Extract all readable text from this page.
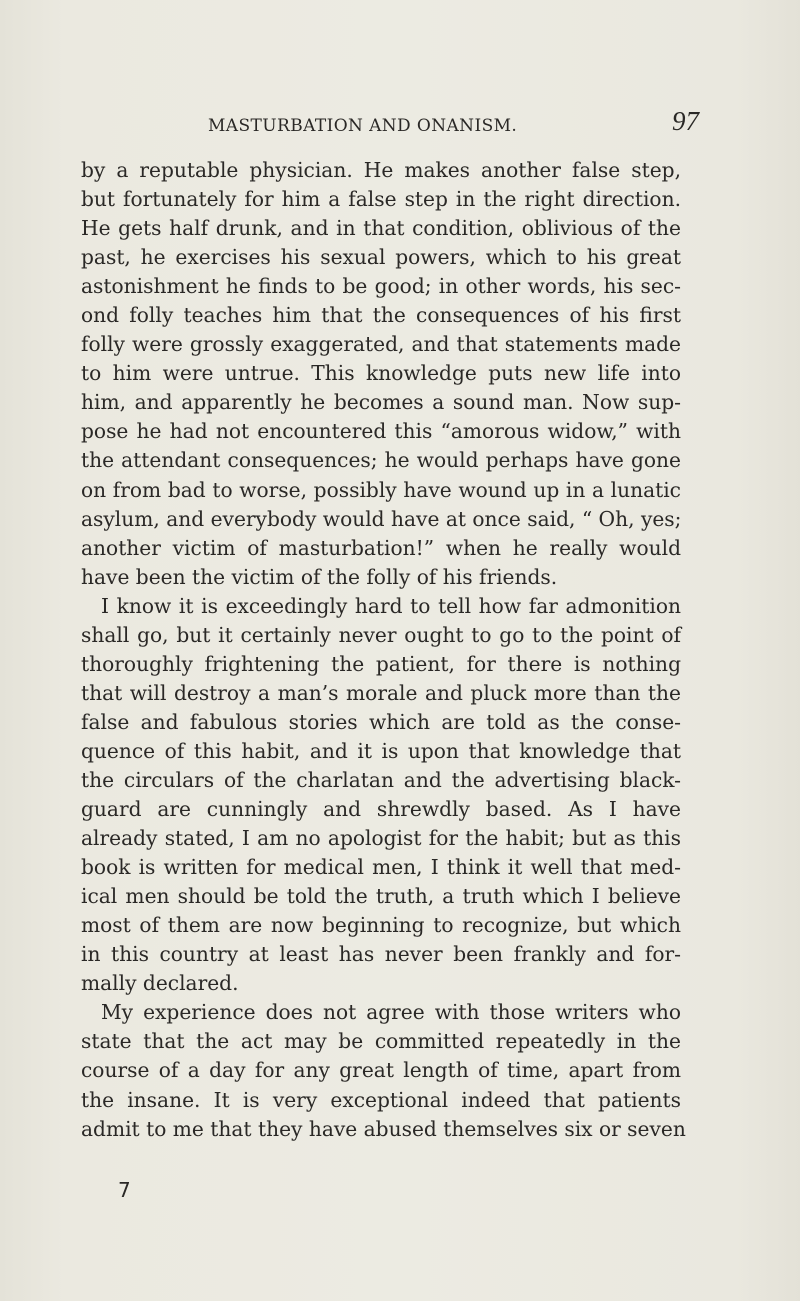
MASTURBATION AND ONANISM.	97
by a reputable physician. He makes another false step,
but fortunately for him a false step in the right direction.
He gets half drunk, and in that condition, oblivious of the
past, he exercises his sexual powers, which to his great
astonishment he finds to be good; in other words, his sec-
ond folly teaches him that the consequences of his first
folly were grossly exaggerated, and that statements made
to him were untrue. This knowledge puts new life into
him, and apparently he becomes a sound man. Now sup-
pose he had not encountered this “amorous widow,” with
the attendant consequences; he would perhaps have gone
on from bad to worse, possibly have wound up in a lunatic
asylum, and everybody would have at once said, “ Oh, yes;
another victim of masturbation!” when he really would
have been the victim of the folly of his friends.
I know it is exceedingly hard to tell how far admonition
shall go, but it certainly never ought to go to the point of
thoroughly frightening the patient, for there is nothing
that will destroy a man’s morale and pluck more than the
false and fabulous stories which are told as the conse-
quence of this habit, and it is upon that knowledge that
the circulars of the charlatan and the advertising black-
guard are cunningly and shrewdly based. As I have
already stated, I am no apologist for the habit; but as this
book is written for medical men, I think it well that med-
ical men should be told the truth, a truth which I believe
most of them are now beginning to recognize, but which
in this country at least has never been frankly and for-
mally declared.
My experience does not agree with those writers who
state that the act may be committed repeatedly in the
course of a day for any great length of time, apart from
the insane. It is very exceptional indeed that patients
admit to me that they have abused themselves six or seven
7
